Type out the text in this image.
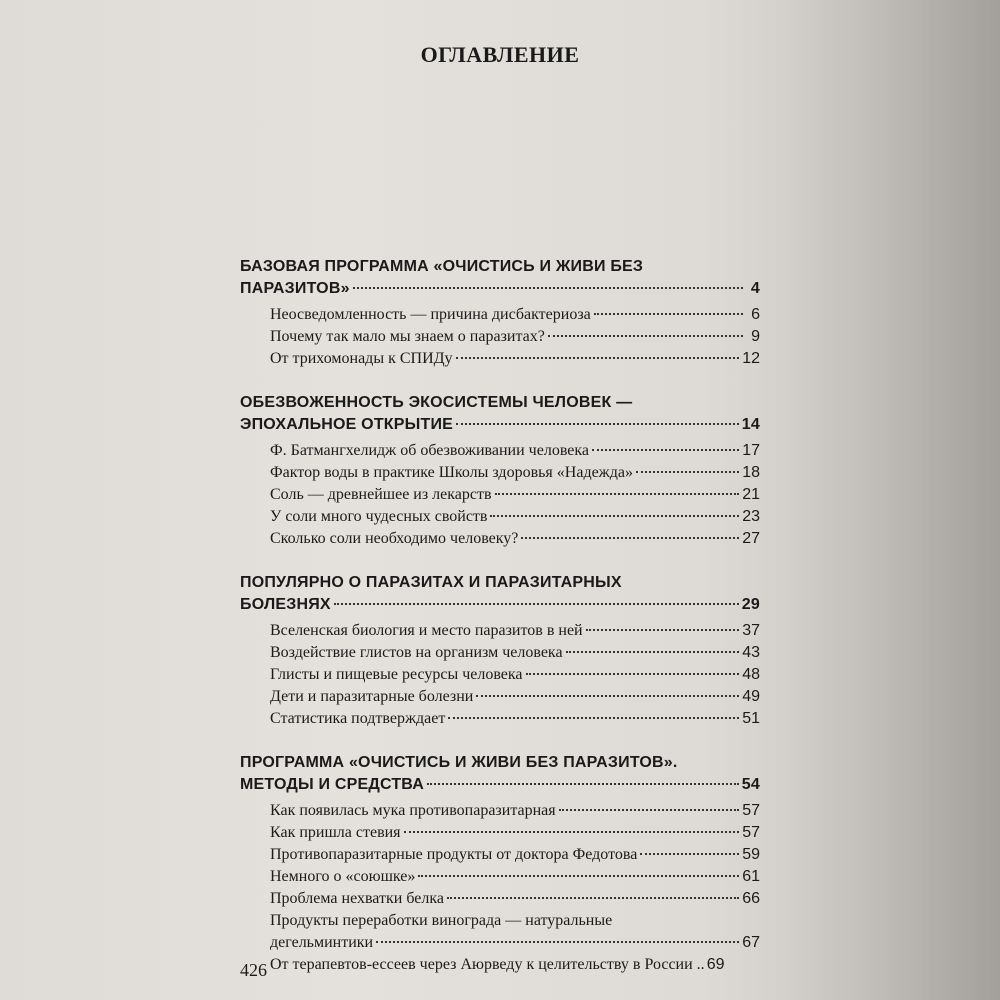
ОГЛАВЛЕНИЕ
БАЗОВАЯ ПРОГРАММА «ОЧИСТИСЬ И ЖИВИ БЕЗ
ПАРАЗИТОВ»	4
Неосведомленность — причина дисбактериоза	6
Почему так мало мы знаем о паразитах?	9
От трихомонады к СПИДу	12
ОБЕЗВОЖЕННОСТЬ ЭКОСИСТЕМЫ ЧЕЛОВЕК —
ЭПОХАЛЬНОЕ ОТКРЫТИЕ	14
Ф. Батмангхелидж об обезвоживании человека	17
Фактор воды в практике Школы здоровья «Надежда»	18
Соль — древнейшее из лекарств	21
У соли много чудесных свойств	23
Сколько соли необходимо человеку?	27
ПОПУЛЯРНО О ПАРАЗИТАХ И ПАРАЗИТАРНЫХ
БОЛЕЗНЯХ	29
Вселенская биология и место паразитов в ней	37
Воздействие глистов на организм человека	43
Глисты и пищевые ресурсы человека	48
Дети и паразитарные болезни	49
Статистика подтверждает	51
ПРОГРАММА «ОЧИСТИСЬ И ЖИВИ БЕЗ ПАРАЗИТОВ».
МЕТОДЫ И СРЕДСТВА	54
Как появилась мука противопаразитарная	57
Как пришла стевия	57
Противопаразитарные продукты от доктора Федотова	59
Немного о «союшке»	61
Проблема нехватки белка	66
Продукты переработки винограда — натуральные
дегельминтики	67
От терапевтов-ессеев через Аюрведу к целительству в России .. 69
426
